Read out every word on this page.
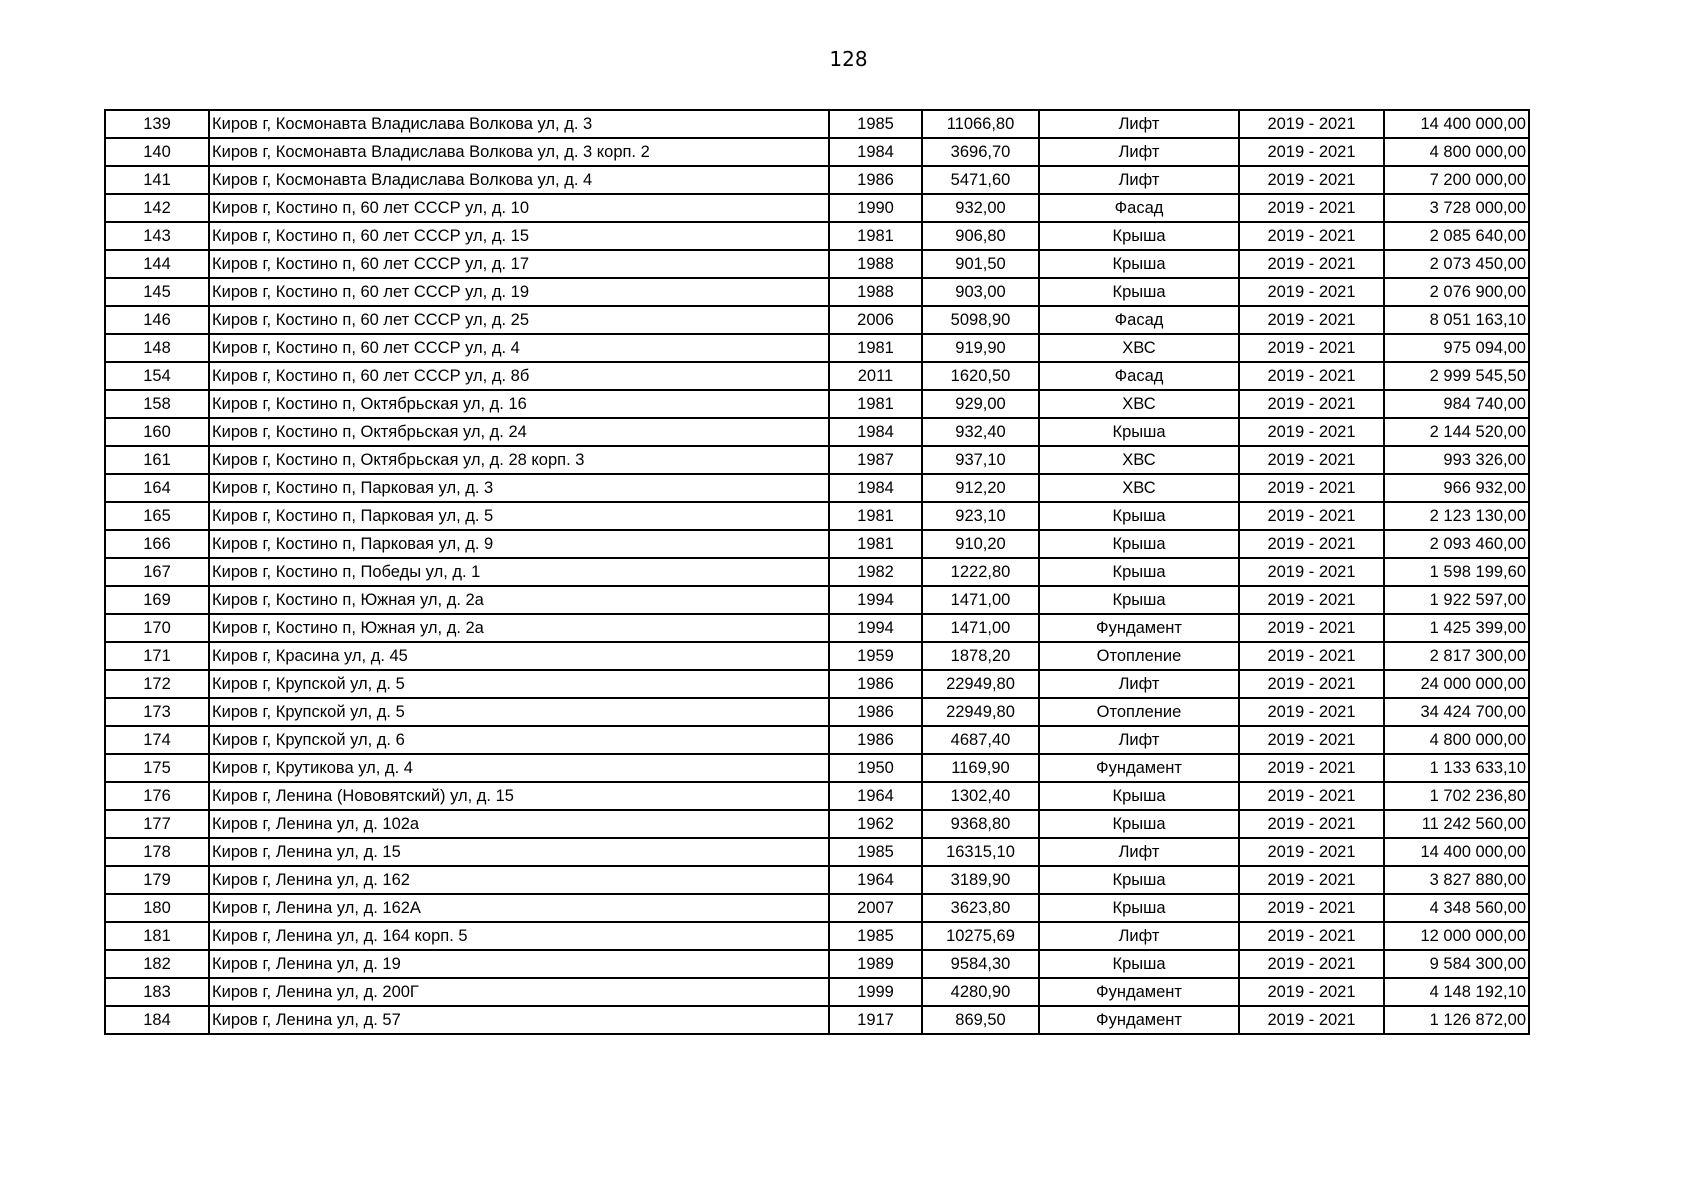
128
139	Киров г, Космонавта Владислава Волкова ул, д. 3	1985	11066,80	Лифт	2019 - 2021	14 400 000,00
140	Киров г, Космонавта Владислава Волкова ул, д. 3 корп. 2	1984	3696,70	Лифт	2019 - 2021	4 800 000,00
141	Киров г, Космонавта Владислава Волкова ул, д. 4	1986	5471,60	Лифт	2019 - 2021	7 200 000,00
142	Киров г, Костино п, 60 лет СССР ул, д. 10	1990	932,00	Фасад	2019 - 2021	3 728 000,00
143	Киров г, Костино п, 60 лет СССР ул, д. 15	1981	906,80	Крыша	2019 - 2021	2 085 640,00
144	Киров г, Костино п, 60 лет СССР ул, д. 17	1988	901,50	Крыша	2019 - 2021	2 073 450,00
145	Киров г, Костино п, 60 лет СССР ул, д. 19	1988	903,00	Крыша	2019 - 2021	2 076 900,00
146	Киров г, Костино п, 60 лет СССР ул, д. 25	2006	5098,90	Фасад	2019 - 2021	8 051 163,10
148	Киров г, Костино п, 60 лет СССР ул, д. 4	1981	919,90	ХВС	2019 - 2021	975 094,00
154	Киров г, Костино п, 60 лет СССР ул, д. 8б	2011	1620,50	Фасад	2019 - 2021	2 999 545,50
158	Киров г, Костино п, Октябрьская ул, д. 16	1981	929,00	ХВС	2019 - 2021	984 740,00
160	Киров г, Костино п, Октябрьская ул, д. 24	1984	932,40	Крыша	2019 - 2021	2 144 520,00
161	Киров г, Костино п, Октябрьская ул, д. 28 корп. 3	1987	937,10	ХВС	2019 - 2021	993 326,00
164	Киров г, Костино п, Парковая ул, д. 3	1984	912,20	ХВС	2019 - 2021	966 932,00
165	Киров г, Костино п, Парковая ул, д. 5	1981	923,10	Крыша	2019 - 2021	2 123 130,00
166	Киров г, Костино п, Парковая ул, д. 9	1981	910,20	Крыша	2019 - 2021	2 093 460,00
167	Киров г, Костино п, Победы ул, д. 1	1982	1222,80	Крыша	2019 - 2021	1 598 199,60
169	Киров г, Костино п, Южная ул, д. 2а	1994	1471,00	Крыша	2019 - 2021	1 922 597,00
170	Киров г, Костино п, Южная ул, д. 2а	1994	1471,00	Фундамент	2019 - 2021	1 425 399,00
171	Киров г, Красина ул, д. 45	1959	1878,20	Отопление	2019 - 2021	2 817 300,00
172	Киров г, Крупской ул, д. 5	1986	22949,80	Лифт	2019 - 2021	24 000 000,00
173	Киров г, Крупской ул, д. 5	1986	22949,80	Отопление	2019 - 2021	34 424 700,00
174	Киров г, Крупской ул, д. 6	1986	4687,40	Лифт	2019 - 2021	4 800 000,00
175	Киров г, Крутикова ул, д. 4	1950	1169,90	Фундамент	2019 - 2021	1 133 633,10
176	Киров г, Ленина (Нововятский) ул, д. 15	1964	1302,40	Крыша	2019 - 2021	1 702 236,80
177	Киров г, Ленина ул, д. 102а	1962	9368,80	Крыша	2019 - 2021	11 242 560,00
178	Киров г, Ленина ул, д. 15	1985	16315,10	Лифт	2019 - 2021	14 400 000,00
179	Киров г, Ленина ул, д. 162	1964	3189,90	Крыша	2019 - 2021	3 827 880,00
180	Киров г, Ленина ул, д. 162А	2007	3623,80	Крыша	2019 - 2021	4 348 560,00
181	Киров г, Ленина ул, д. 164 корп. 5	1985	10275,69	Лифт	2019 - 2021	12 000 000,00
182	Киров г, Ленина ул, д. 19	1989	9584,30	Крыша	2019 - 2021	9 584 300,00
183	Киров г, Ленина ул, д. 200Г	1999	4280,90	Фундамент	2019 - 2021	4 148 192,10
184	Киров г, Ленина ул, д. 57	1917	869,50	Фундамент	2019 - 2021	1 126 872,00
